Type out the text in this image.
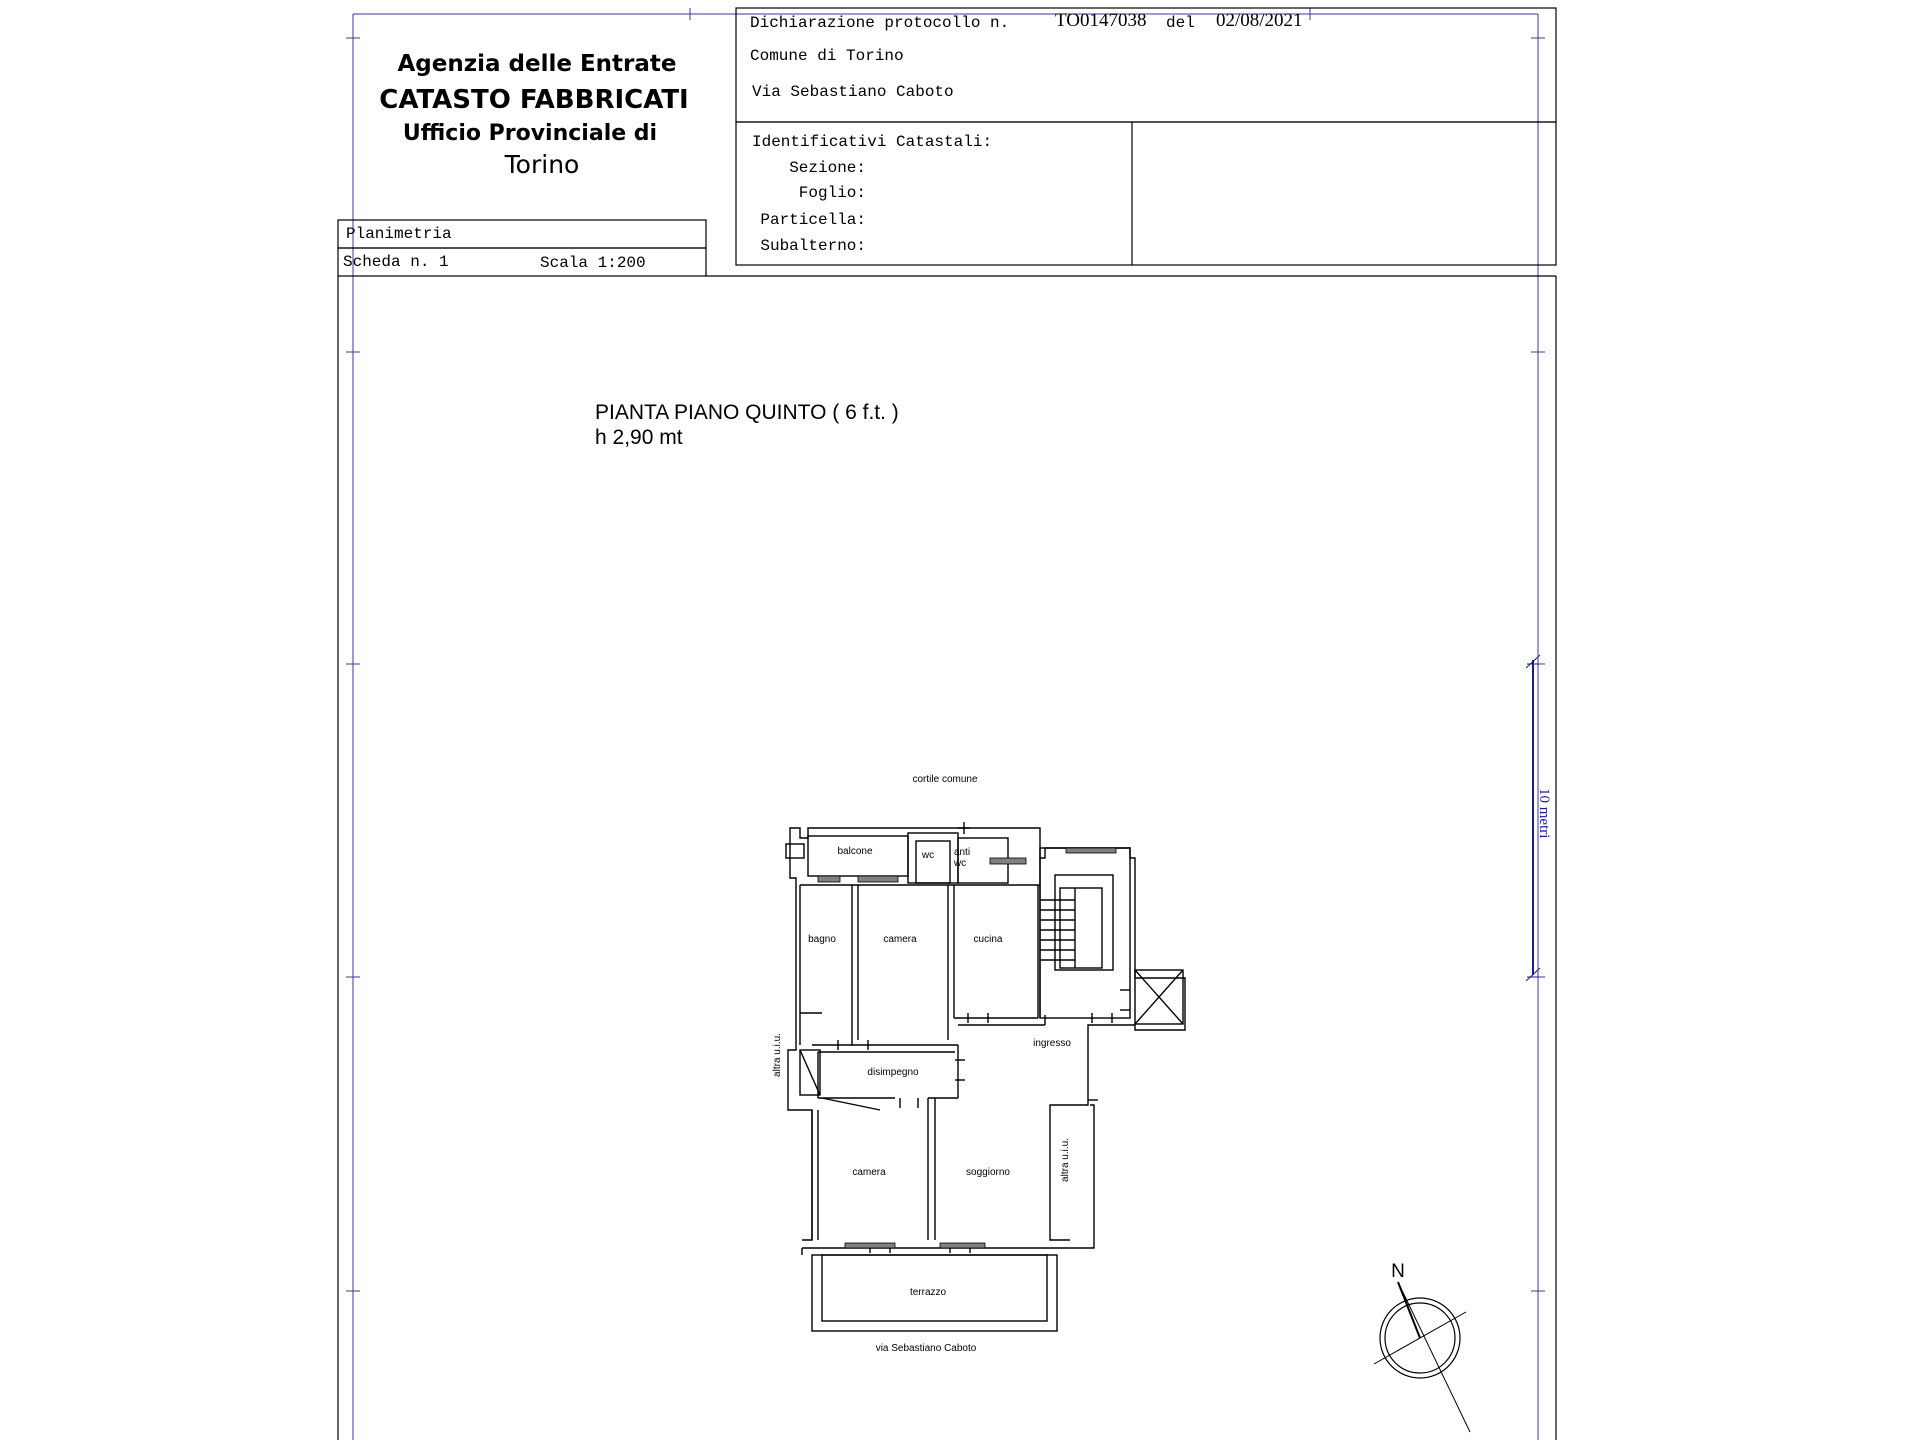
Agenzia delle Entrate
CATASTO FABBRICATI
Ufficio Provinciale di
Torino
Dichiarazione protocollo n. TO0147038 del 02/08/2021
Comune di Torino
Via Sebastiano Caboto
Identificativi Catastali:
Sezione:
Foglio:
Particella:
Subalterno:
Planimetria
Scheda n. 1	Scala 1:200
PIANTA PIANO QUINTO ( 6 f.t. )
h 2,90 mt
10 metri
cortile comune
balcone	wc anti
wc
bagno	camera	cucina
ingresso
disimpegno
camera	soggiorno
terrazzo
via Sebastiano Caboto
altra u.i.u.
altra u.i.u.
N
